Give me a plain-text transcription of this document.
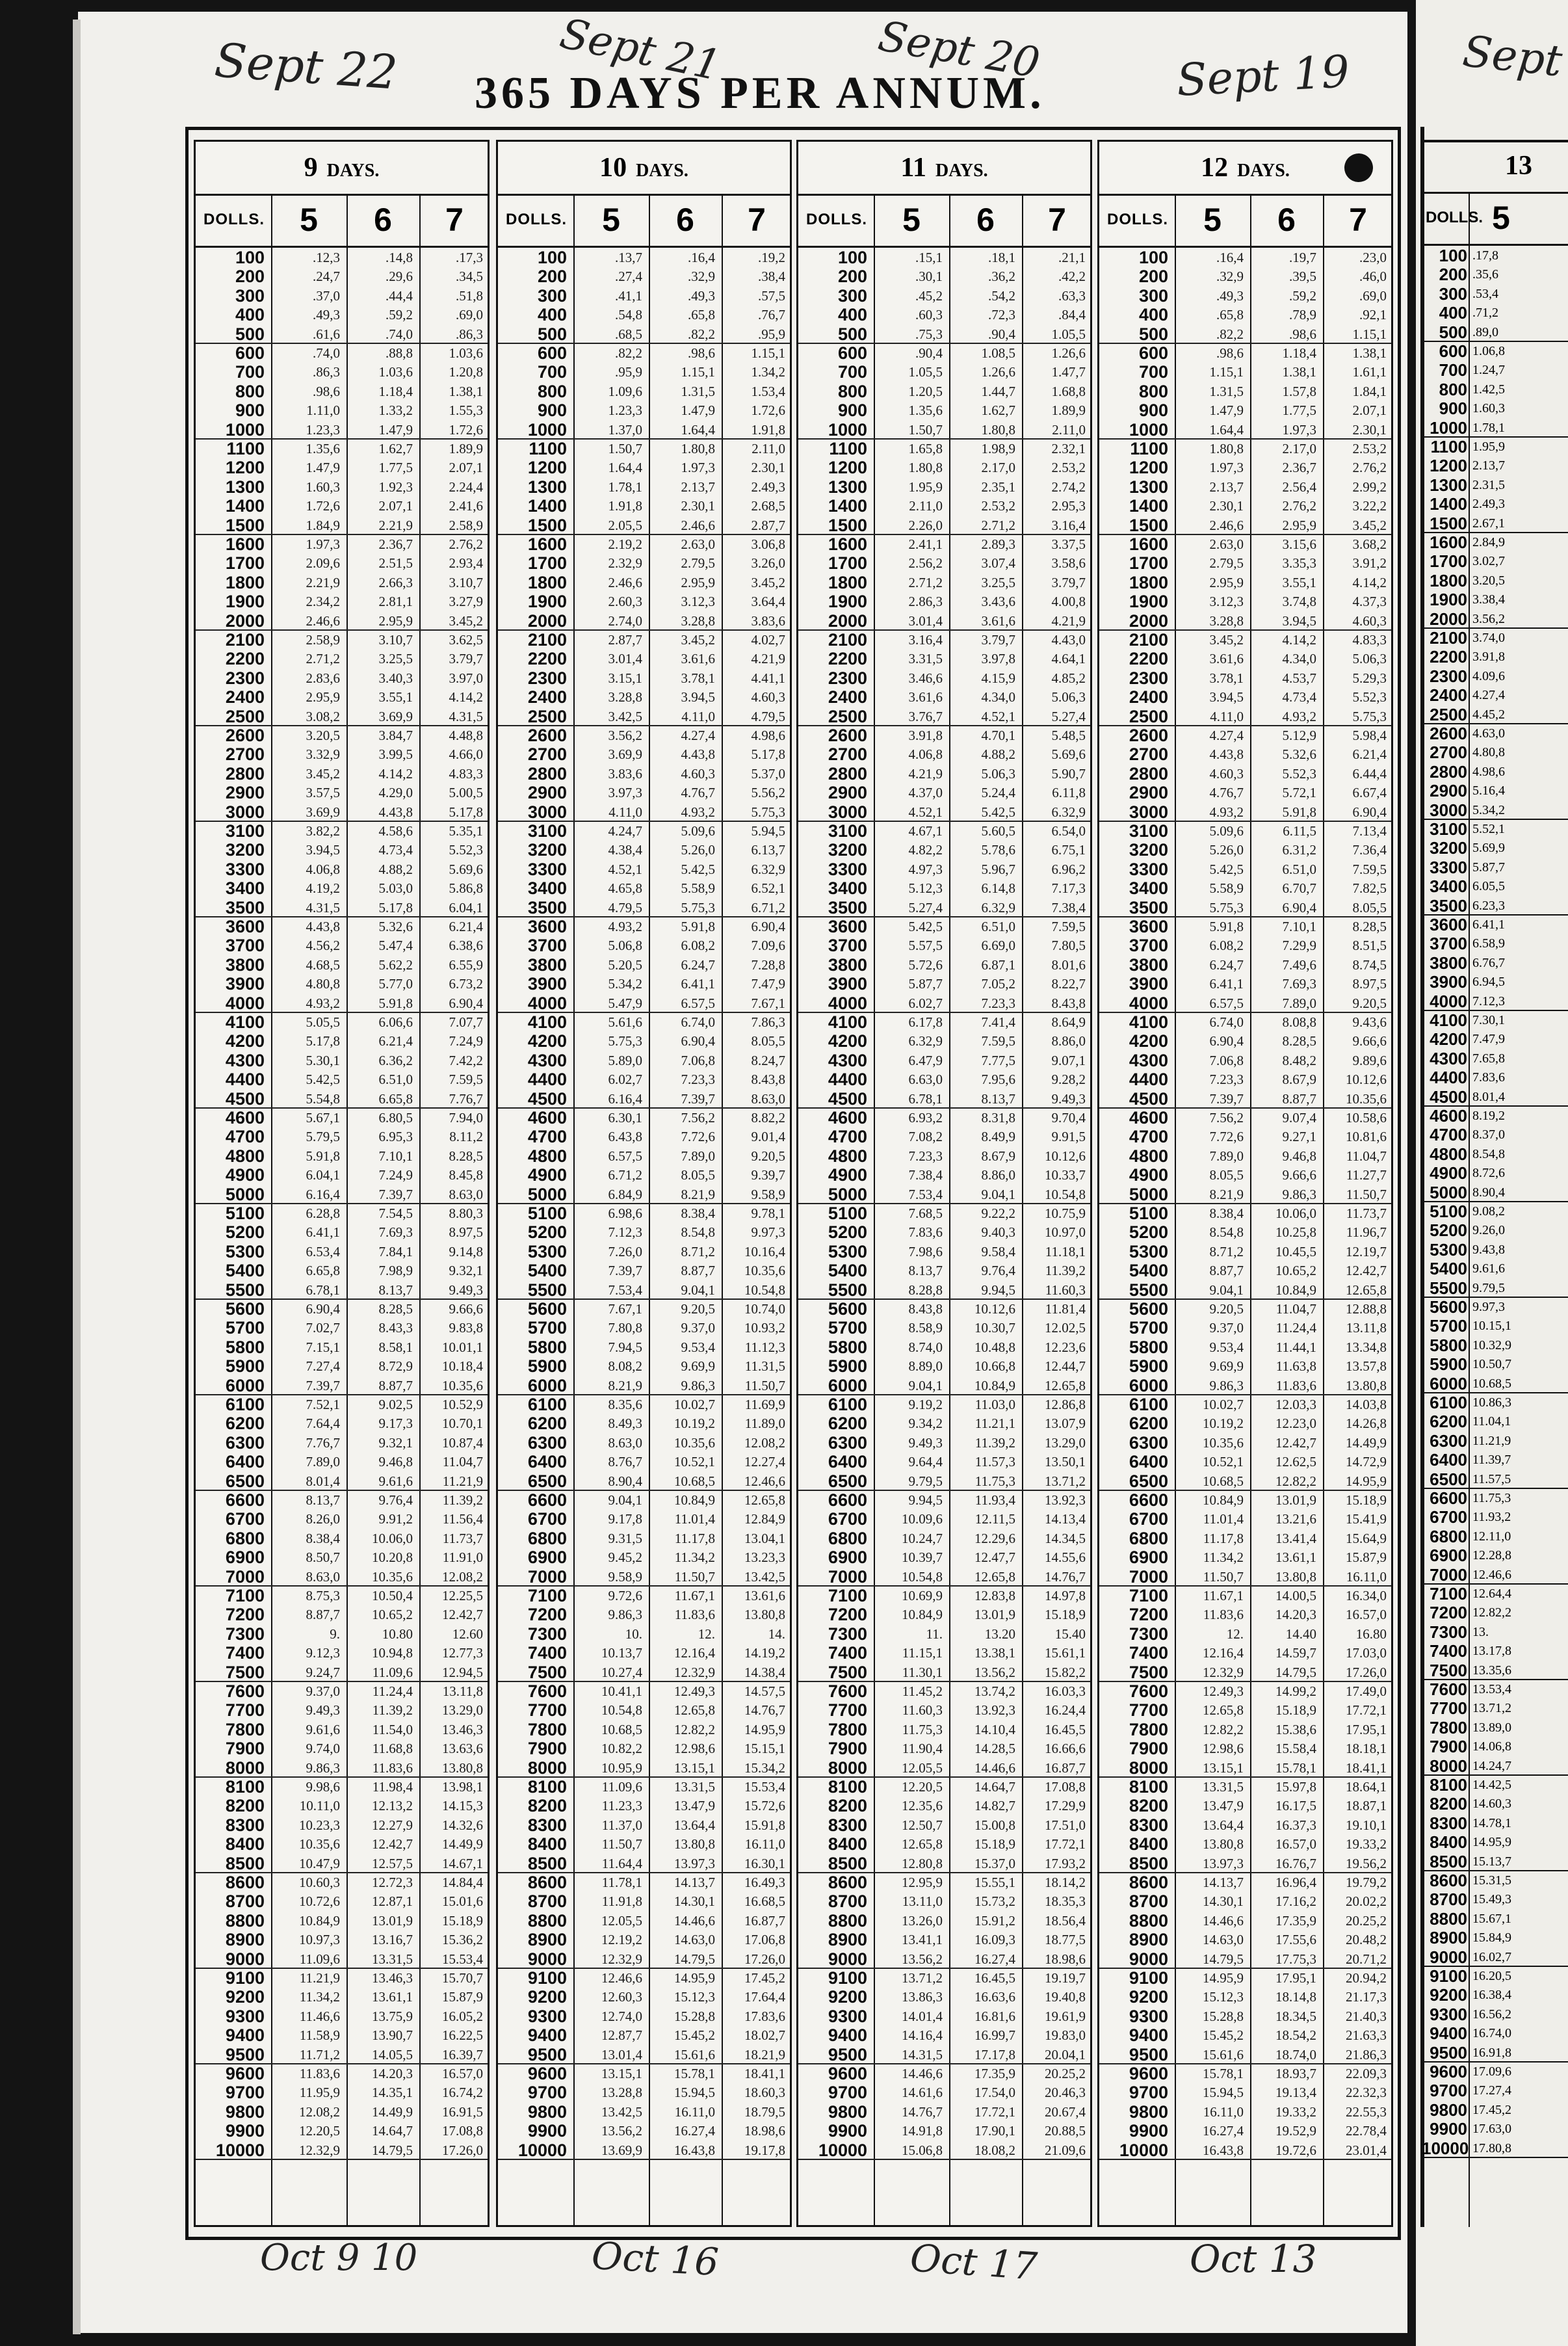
Sept 22	Sept 21	Sept 20	Sept 19
365 DAYS PER ANNUM.
9 DAYS.
DOLLS.	5	6	7
100	.12,3	.14,8	.17,3
200	.24,7	.29,6	.34,5
300	.37,0	.44,4	.51,8
400	.49,3	.59,2	.69,0
500	.61,6	.74,0	.86,3
600	.74,0	.88,8	1.03,6
700	.86,3	1.03,6	1.20,8
800	.98,6	1.18,4	1.38,1
900	1.11,0	1.33,2	1.55,3
1000	1.23,3	1.47,9	1.72,6
1100	1.35,6	1.62,7	1.89,9
1200	1.47,9	1.77,5	2.07,1
1300	1.60,3	1.92,3	2.24,4
1400	1.72,6	2.07,1	2.41,6
1500	1.84,9	2.21,9	2.58,9
1600	1.97,3	2.36,7	2.76,2
1700	2.09,6	2.51,5	2.93,4
1800	2.21,9	2.66,3	3.10,7
1900	2.34,2	2.81,1	3.27,9
2000	2.46,6	2.95,9	3.45,2
2100	2.58,9	3.10,7	3.62,5
2200	2.71,2	3.25,5	3.79,7
2300	2.83,6	3.40,3	3.97,0
2400	2.95,9	3.55,1	4.14,2
2500	3.08,2	3.69,9	4.31,5
2600	3.20,5	3.84,7	4.48,8
2700	3.32,9	3.99,5	4.66,0
2800	3.45,2	4.14,2	4.83,3
2900	3.57,5	4.29,0	5.00,5
3000	3.69,9	4.43,8	5.17,8
3100	3.82,2	4.58,6	5.35,1
3200	3.94,5	4.73,4	5.52,3
3300	4.06,8	4.88,2	5.69,6
3400	4.19,2	5.03,0	5.86,8
3500	4.31,5	5.17,8	6.04,1
3600	4.43,8	5.32,6	6.21,4
3700	4.56,2	5.47,4	6.38,6
3800	4.68,5	5.62,2	6.55,9
3900	4.80,8	5.77,0	6.73,2
4000	4.93,2	5.91,8	6.90,4
4100	5.05,5	6.06,6	7.07,7
4200	5.17,8	6.21,4	7.24,9
4300	5.30,1	6.36,2	7.42,2
4400	5.42,5	6.51,0	7.59,5
4500	5.54,8	6.65,8	7.76,7
4600	5.67,1	6.80,5	7.94,0
4700	5.79,5	6.95,3	8.11,2
4800	5.91,8	7.10,1	8.28,5
4900	6.04,1	7.24,9	8.45,8
5000	6.16,4	7.39,7	8.63,0
5100	6.28,8	7.54,5	8.80,3
5200	6.41,1	7.69,3	8.97,5
5300	6.53,4	7.84,1	9.14,8
5400	6.65,8	7.98,9	9.32,1
5500	6.78,1	8.13,7	9.49,3
5600	6.90,4	8.28,5	9.66,6
5700	7.02,7	8.43,3	9.83,8
5800	7.15,1	8.58,1	10.01,1
5900	7.27,4	8.72,9	10.18,4
6000	7.39,7	8.87,7	10.35,6
6100	7.52,1	9.02,5	10.52,9
6200	7.64,4	9.17,3	10.70,1
6300	7.76,7	9.32,1	10.87,4
6400	7.89,0	9.46,8	11.04,7
6500	8.01,4	9.61,6	11.21,9
6600	8.13,7	9.76,4	11.39,2
6700	8.26,0	9.91,2	11.56,4
6800	8.38,4	10.06,0	11.73,7
6900	8.50,7	10.20,8	11.91,0
7000	8.63,0	10.35,6	12.08,2
7100	8.75,3	10.50,4	12.25,5
7200	8.87,7	10.65,2	12.42,7
7300	9.	10.80	12.60
7400	9.12,3	10.94,8	12.77,3
7500	9.24,7	11.09,6	12.94,5
7600	9.37,0	11.24,4	13.11,8
7700	9.49,3	11.39,2	13.29,0
7800	9.61,6	11.54,0	13.46,3
7900	9.74,0	11.68,8	13.63,6
8000	9.86,3	11.83,6	13.80,8
8100	9.98,6	11.98,4	13.98,1
8200	10.11,0	12.13,2	14.15,3
8300	10.23,3	12.27,9	14.32,6
8400	10.35,6	12.42,7	14.49,9
8500	10.47,9	12.57,5	14.67,1
8600	10.60,3	12.72,3	14.84,4
8700	10.72,6	12.87,1	15.01,6
8800	10.84,9	13.01,9	15.18,9
8900	10.97,3	13.16,7	15.36,2
9000	11.09,6	13.31,5	15.53,4
9100	11.21,9	13.46,3	15.70,7
9200	11.34,2	13.61,1	15.87,9
9300	11.46,6	13.75,9	16.05,2
9400	11.58,9	13.90,7	16.22,5
9500	11.71,2	14.05,5	16.39,7
9600	11.83,6	14.20,3	16.57,0
9700	11.95,9	14.35,1	16.74,2
9800	12.08,2	14.49,9	16.91,5
9900	12.20,5	14.64,7	17.08,8
10000	12.32,9	14.79,5	17.26,0
10 DAYS.
DOLLS.	5	6	7
100	.13,7	.16,4	.19,2
200	.27,4	.32,9	.38,4
300	.41,1	.49,3	.57,5
400	.54,8	.65,8	.76,7
500	.68,5	.82,2	.95,9
600	.82,2	.98,6	1.15,1
700	.95,9	1.15,1	1.34,2
800	1.09,6	1.31,5	1.53,4
900	1.23,3	1.47,9	1.72,6
1000	1.37,0	1.64,4	1.91,8
1100	1.50,7	1.80,8	2.11,0
1200	1.64,4	1.97,3	2.30,1
1300	1.78,1	2.13,7	2.49,3
1400	1.91,8	2.30,1	2.68,5
1500	2.05,5	2.46,6	2.87,7
1600	2.19,2	2.63,0	3.06,8
1700	2.32,9	2.79,5	3.26,0
1800	2.46,6	2.95,9	3.45,2
1900	2.60,3	3.12,3	3.64,4
2000	2.74,0	3.28,8	3.83,6
2100	2.87,7	3.45,2	4.02,7
2200	3.01,4	3.61,6	4.21,9
2300	3.15,1	3.78,1	4.41,1
2400	3.28,8	3.94,5	4.60,3
2500	3.42,5	4.11,0	4.79,5
2600	3.56,2	4.27,4	4.98,6
2700	3.69,9	4.43,8	5.17,8
2800	3.83,6	4.60,3	5.37,0
2900	3.97,3	4.76,7	5.56,2
3000	4.11,0	4.93,2	5.75,3
3100	4.24,7	5.09,6	5.94,5
3200	4.38,4	5.26,0	6.13,7
3300	4.52,1	5.42,5	6.32,9
3400	4.65,8	5.58,9	6.52,1
3500	4.79,5	5.75,3	6.71,2
3600	4.93,2	5.91,8	6.90,4
3700	5.06,8	6.08,2	7.09,6
3800	5.20,5	6.24,7	7.28,8
3900	5.34,2	6.41,1	7.47,9
4000	5.47,9	6.57,5	7.67,1
4100	5.61,6	6.74,0	7.86,3
4200	5.75,3	6.90,4	8.05,5
4300	5.89,0	7.06,8	8.24,7
4400	6.02,7	7.23,3	8.43,8
4500	6.16,4	7.39,7	8.63,0
4600	6.30,1	7.56,2	8.82,2
4700	6.43,8	7.72,6	9.01,4
4800	6.57,5	7.89,0	9.20,5
4900	6.71,2	8.05,5	9.39,7
5000	6.84,9	8.21,9	9.58,9
5100	6.98,6	8.38,4	9.78,1
5200	7.12,3	8.54,8	9.97,3
5300	7.26,0	8.71,2	10.16,4
5400	7.39,7	8.87,7	10.35,6
5500	7.53,4	9.04,1	10.54,8
5600	7.67,1	9.20,5	10.74,0
5700	7.80,8	9.37,0	10.93,2
5800	7.94,5	9.53,4	11.12,3
5900	8.08,2	9.69,9	11.31,5
6000	8.21,9	9.86,3	11.50,7
6100	8.35,6	10.02,7	11.69,9
6200	8.49,3	10.19,2	11.89,0
6300	8.63,0	10.35,6	12.08,2
6400	8.76,7	10.52,1	12.27,4
6500	8.90,4	10.68,5	12.46,6
6600	9.04,1	10.84,9	12.65,8
6700	9.17,8	11.01,4	12.84,9
6800	9.31,5	11.17,8	13.04,1
6900	9.45,2	11.34,2	13.23,3
7000	9.58,9	11.50,7	13.42,5
7100	9.72,6	11.67,1	13.61,6
7200	9.86,3	11.83,6	13.80,8
7300	10.	12.	14.
7400	10.13,7	12.16,4	14.19,2
7500	10.27,4	12.32,9	14.38,4
7600	10.41,1	12.49,3	14.57,5
7700	10.54,8	12.65,8	14.76,7
7800	10.68,5	12.82,2	14.95,9
7900	10.82,2	12.98,6	15.15,1
8000	10.95,9	13.15,1	15.34,2
8100	11.09,6	13.31,5	15.53,4
8200	11.23,3	13.47,9	15.72,6
8300	11.37,0	13.64,4	15.91,8
8400	11.50,7	13.80,8	16.11,0
8500	11.64,4	13.97,3	16.30,1
8600	11.78,1	14.13,7	16.49,3
8700	11.91,8	14.30,1	16.68,5
8800	12.05,5	14.46,6	16.87,7
8900	12.19,2	14.63,0	17.06,8
9000	12.32,9	14.79,5	17.26,0
9100	12.46,6	14.95,9	17.45,2
9200	12.60,3	15.12,3	17.64,4
9300	12.74,0	15.28,8	17.83,6
9400	12.87,7	15.45,2	18.02,7
9500	13.01,4	15.61,6	18.21,9
9600	13.15,1	15.78,1	18.41,1
9700	13.28,8	15.94,5	18.60,3
9800	13.42,5	16.11,0	18.79,5
9900	13.56,2	16.27,4	18.98,6
10000	13.69,9	16.43,8	19.17,8
11 DAYS.
DOLLS.	5	6	7
100	.15,1	.18,1	.21,1
200	.30,1	.36,2	.42,2
300	.45,2	.54,2	.63,3
400	.60,3	.72,3	.84,4
500	.75,3	.90,4	1.05,5
600	.90,4	1.08,5	1.26,6
700	1.05,5	1.26,6	1.47,7
800	1.20,5	1.44,7	1.68,8
900	1.35,6	1.62,7	1.89,9
1000	1.50,7	1.80,8	2.11,0
1100	1.65,8	1.98,9	2.32,1
1200	1.80,8	2.17,0	2.53,2
1300	1.95,9	2.35,1	2.74,2
1400	2.11,0	2.53,2	2.95,3
1500	2.26,0	2.71,2	3.16,4
1600	2.41,1	2.89,3	3.37,5
1700	2.56,2	3.07,4	3.58,6
1800	2.71,2	3.25,5	3.79,7
1900	2.86,3	3.43,6	4.00,8
2000	3.01,4	3.61,6	4.21,9
2100	3.16,4	3.79,7	4.43,0
2200	3.31,5	3.97,8	4.64,1
2300	3.46,6	4.15,9	4.85,2
2400	3.61,6	4.34,0	5.06,3
2500	3.76,7	4.52,1	5.27,4
2600	3.91,8	4.70,1	5.48,5
2700	4.06,8	4.88,2	5.69,6
2800	4.21,9	5.06,3	5.90,7
2900	4.37,0	5.24,4	6.11,8
3000	4.52,1	5.42,5	6.32,9
3100	4.67,1	5.60,5	6.54,0
3200	4.82,2	5.78,6	6.75,1
3300	4.97,3	5.96,7	6.96,2
3400	5.12,3	6.14,8	7.17,3
3500	5.27,4	6.32,9	7.38,4
3600	5.42,5	6.51,0	7.59,5
3700	5.57,5	6.69,0	7.80,5
3800	5.72,6	6.87,1	8.01,6
3900	5.87,7	7.05,2	8.22,7
4000	6.02,7	7.23,3	8.43,8
4100	6.17,8	7.41,4	8.64,9
4200	6.32,9	7.59,5	8.86,0
4300	6.47,9	7.77,5	9.07,1
4400	6.63,0	7.95,6	9.28,2
4500	6.78,1	8.13,7	9.49,3
4600	6.93,2	8.31,8	9.70,4
4700	7.08,2	8.49,9	9.91,5
4800	7.23,3	8.67,9	10.12,6
4900	7.38,4	8.86,0	10.33,7
5000	7.53,4	9.04,1	10.54,8
5100	7.68,5	9.22,2	10.75,9
5200	7.83,6	9.40,3	10.97,0
5300	7.98,6	9.58,4	11.18,1
5400	8.13,7	9.76,4	11.39,2
5500	8.28,8	9.94,5	11.60,3
5600	8.43,8	10.12,6	11.81,4
5700	8.58,9	10.30,7	12.02,5
5800	8.74,0	10.48,8	12.23,6
5900	8.89,0	10.66,8	12.44,7
6000	9.04,1	10.84,9	12.65,8
6100	9.19,2	11.03,0	12.86,8
6200	9.34,2	11.21,1	13.07,9
6300	9.49,3	11.39,2	13.29,0
6400	9.64,4	11.57,3	13.50,1
6500	9.79,5	11.75,3	13.71,2
6600	9.94,5	11.93,4	13.92,3
6700	10.09,6	12.11,5	14.13,4
6800	10.24,7	12.29,6	14.34,5
6900	10.39,7	12.47,7	14.55,6
7000	10.54,8	12.65,8	14.76,7
7100	10.69,9	12.83,8	14.97,8
7200	10.84,9	13.01,9	15.18,9
7300	11.	13.20	15.40
7400	11.15,1	13.38,1	15.61,1
7500	11.30,1	13.56,2	15.82,2
7600	11.45,2	13.74,2	16.03,3
7700	11.60,3	13.92,3	16.24,4
7800	11.75,3	14.10,4	16.45,5
7900	11.90,4	14.28,5	16.66,6
8000	12.05,5	14.46,6	16.87,7
8100	12.20,5	14.64,7	17.08,8
8200	12.35,6	14.82,7	17.29,9
8300	12.50,7	15.00,8	17.51,0
8400	12.65,8	15.18,9	17.72,1
8500	12.80,8	15.37,0	17.93,2
8600	12.95,9	15.55,1	18.14,2
8700	13.11,0	15.73,2	18.35,3
8800	13.26,0	15.91,2	18.56,4
8900	13.41,1	16.09,3	18.77,5
9000	13.56,2	16.27,4	18.98,6
9100	13.71,2	16.45,5	19.19,7
9200	13.86,3	16.63,6	19.40,8
9300	14.01,4	16.81,6	19.61,9
9400	14.16,4	16.99,7	19.83,0
9500	14.31,5	17.17,8	20.04,1
9600	14.46,6	17.35,9	20.25,2
9700	14.61,6	17.54,0	20.46,3
9800	14.76,7	17.72,1	20.67,4
9900	14.91,8	17.90,1	20.88,5
10000	15.06,8	18.08,2	21.09,6
12 DAYS.
DOLLS.	5	6	7
100	.16,4	.19,7	.23,0
200	.32,9	.39,5	.46,0
300	.49,3	.59,2	.69,0
400	.65,8	.78,9	.92,1
500	.82,2	.98,6	1.15,1
600	.98,6	1.18,4	1.38,1
700	1.15,1	1.38,1	1.61,1
800	1.31,5	1.57,8	1.84,1
900	1.47,9	1.77,5	2.07,1
1000	1.64,4	1.97,3	2.30,1
1100	1.80,8	2.17,0	2.53,2
1200	1.97,3	2.36,7	2.76,2
1300	2.13,7	2.56,4	2.99,2
1400	2.30,1	2.76,2	3.22,2
1500	2.46,6	2.95,9	3.45,2
1600	2.63,0	3.15,6	3.68,2
1700	2.79,5	3.35,3	3.91,2
1800	2.95,9	3.55,1	4.14,2
1900	3.12,3	3.74,8	4.37,3
2000	3.28,8	3.94,5	4.60,3
2100	3.45,2	4.14,2	4.83,3
2200	3.61,6	4.34,0	5.06,3
2300	3.78,1	4.53,7	5.29,3
2400	3.94,5	4.73,4	5.52,3
2500	4.11,0	4.93,2	5.75,3
2600	4.27,4	5.12,9	5.98,4
2700	4.43,8	5.32,6	6.21,4
2800	4.60,3	5.52,3	6.44,4
2900	4.76,7	5.72,1	6.67,4
3000	4.93,2	5.91,8	6.90,4
3100	5.09,6	6.11,5	7.13,4
3200	5.26,0	6.31,2	7.36,4
3300	5.42,5	6.51,0	7.59,5
3400	5.58,9	6.70,7	7.82,5
3500	5.75,3	6.90,4	8.05,5
3600	5.91,8	7.10,1	8.28,5
3700	6.08,2	7.29,9	8.51,5
3800	6.24,7	7.49,6	8.74,5
3900	6.41,1	7.69,3	8.97,5
4000	6.57,5	7.89,0	9.20,5
4100	6.74,0	8.08,8	9.43,6
4200	6.90,4	8.28,5	9.66,6
4300	7.06,8	8.48,2	9.89,6
4400	7.23,3	8.67,9	10.12,6
4500	7.39,7	8.87,7	10.35,6
4600	7.56,2	9.07,4	10.58,6
4700	7.72,6	9.27,1	10.81,6
4800	7.89,0	9.46,8	11.04,7
4900	8.05,5	9.66,6	11.27,7
5000	8.21,9	9.86,3	11.50,7
5100	8.38,4	10.06,0	11.73,7
5200	8.54,8	10.25,8	11.96,7
5300	8.71,2	10.45,5	12.19,7
5400	8.87,7	10.65,2	12.42,7
5500	9.04,1	10.84,9	12.65,8
5600	9.20,5	11.04,7	12.88,8
5700	9.37,0	11.24,4	13.11,8
5800	9.53,4	11.44,1	13.34,8
5900	9.69,9	11.63,8	13.57,8
6000	9.86,3	11.83,6	13.80,8
6100	10.02,7	12.03,3	14.03,8
6200	10.19,2	12.23,0	14.26,8
6300	10.35,6	12.42,7	14.49,9
6400	10.52,1	12.62,5	14.72,9
6500	10.68,5	12.82,2	14.95,9
6600	10.84,9	13.01,9	15.18,9
6700	11.01,4	13.21,6	15.41,9
6800	11.17,8	13.41,4	15.64,9
6900	11.34,2	13.61,1	15.87,9
7000	11.50,7	13.80,8	16.11,0
7100	11.67,1	14.00,5	16.34,0
7200	11.83,6	14.20,3	16.57,0
7300	12.	14.40	16.80
7400	12.16,4	14.59,7	17.03,0
7500	12.32,9	14.79,5	17.26,0
7600	12.49,3	14.99,2	17.49,0
7700	12.65,8	15.18,9	17.72,1
7800	12.82,2	15.38,6	17.95,1
7900	12.98,6	15.58,4	18.18,1
8000	13.15,1	15.78,1	18.41,1
8100	13.31,5	15.97,8	18.64,1
8200	13.47,9	16.17,5	18.87,1
8300	13.64,4	16.37,3	19.10,1
8400	13.80,8	16.57,0	19.33,2
8500	13.97,3	16.76,7	19.56,2
8600	14.13,7	16.96,4	19.79,2
8700	14.30,1	17.16,2	20.02,2
8800	14.46,6	17.35,9	20.25,2
8900	14.63,0	17.55,6	20.48,2
9000	14.79,5	17.75,3	20.71,2
9100	14.95,9	17.95,1	20.94,2
9200	15.12,3	18.14,8	21.17,3
9300	15.28,8	18.34,5	21.40,3
9400	15.45,2	18.54,2	21.63,3
9500	15.61,6	18.74,0	21.86,3
9600	15.78,1	18.93,7	22.09,3
9700	15.94,5	19.13,4	22.32,3
9800	16.11,0	19.33,2	22.55,3
9900	16.27,4	19.52,9	22.78,4
10000	16.43,8	19.72,6	23.01,4
Oct 9 10	Oct 16	Oct 17	Oct 13
13
DOLLS. 5
100 .17,8
200 .35,6
300 .53,4
400 .71,2
500 .89,0
600 1.06,8
700 1.24,7
800 1.42,5
900 1.60,3
1000 1.78,1
1100 1.95,9
1200 2.13,7
1300 2.31,5
1400 2.49,3
1500 2.67,1
1600 2.84,9
1700 3.02,7
1800 3.20,5
1900 3.38,4
2000 3.56,2
2100 3.74,0
2200 3.91,8
2300 4.09,6
2400 4.27,4
2500 4.45,2
2600 4.63,0
2700 4.80,8
2800 4.98,6
2900 5.16,4
3000 5.34,2
3100 5.52,1
3200 5.69,9
3300 5.87,7
3400 6.05,5
3500 6.23,3
3600 6.41,1
3700 6.58,9
3800 6.76,7
3900 6.94,5
4000 7.12,3
4100 7.30,1
4200 7.47,9
4300 7.65,8
4400 7.83,6
4500 8.01,4
4600 8.19,2
4700 8.37,0
4800 8.54,8
4900 8.72,6
5000 8.90,4
5100 9.08,2
5200 9.26,0
5300 9.43,8
5400 9.61,6
5500 9.79,5
5600 9.97,3
5700 10.15,1
5800 10.32,9
5900 10.50,7
6000 10.68,5
6100 10.86,3
6200 11.04,1
6300 11.21,9
6400 11.39,7
6500 11.57,5
6600 11.75,3
6700 11.93,2
6800 12.11,0
6900 12.28,8
7000 12.46,6
7100 12.64,4
7200 12.82,2
7300 13.
7400 13.17,8
7500 13.35,6
7600 13.53,4
7700 13.71,2
7800 13.89,0
7900 14.06,8
8000 14.24,7
8100 14.42,5
8200 14.60,3
8300 14.78,1
8400 14.95,9
8500 15.13,7
8600 15.31,5
8700 15.49,3
8800 15.67,1
8900 15.84,9
9000 16.02,7
9100 16.20,5
9200 16.38,4
9300 16.56,2
9400 16.74,0
9500 16.91,8
9600 17.09,6
9700 17.27,4
9800 17.45,2
9900 17.63,0
10000 17.80,8
Sept
